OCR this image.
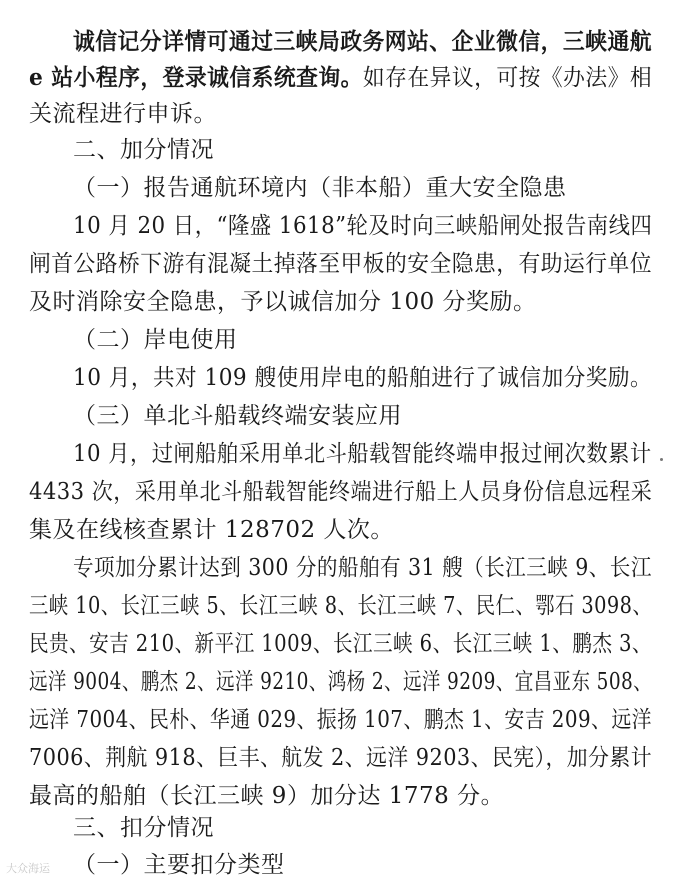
诚信记分详情可通过三峡局政务网站、企业微信，三峡通航
e 站小程序，登录诚信系统查询。如存在异议，可按《办法》相
关流程进行申诉。
二、加分情况
（一）报告通航环境内（非本船）重大安全隐患
10 月 20 日，“隆盛 1618”轮及时向三峡船闸处报告南线四
闸首公路桥下游有混凝土掉落至甲板的安全隐患，有助运行单位
及时消除安全隐患，予以诚信加分 100 分奖励。
（二）岸电使用
10 月，共对 109 艘使用岸电的船舶进行了诚信加分奖励。
（三）单北斗船载终端安装应用
10 月，过闸船舶采用单北斗船载智能终端申报过闸次数累计
4433 次，采用单北斗船载智能终端进行船上人员身份信息远程采
集及在线核查累计 128702 人次。
专项加分累计达到 300 分的船舶有 31 艘（长江三峡 9、长江
三峡 10、长江三峡 5、长江三峡 8、长江三峡 7、民仁、鄂石 3098、
民贵、安吉 210、新平江 1009、长江三峡 6、长江三峡 1、鹏杰 3、
远洋 9004、鹏杰 2、远洋 9210、鸿杨 2、远洋 9209、宜昌亚东 508、
远洋 7004、民朴、华通 029、振扬 107、鹏杰 1、安吉 209、远洋
7006、荆航 918、巨丰、航发 2、远洋 9203、民宪），加分累计
最高的船舶（长江三峡 9）加分达 1778 分。
三、扣分情况
（一）主要扣分类型
大众海运
